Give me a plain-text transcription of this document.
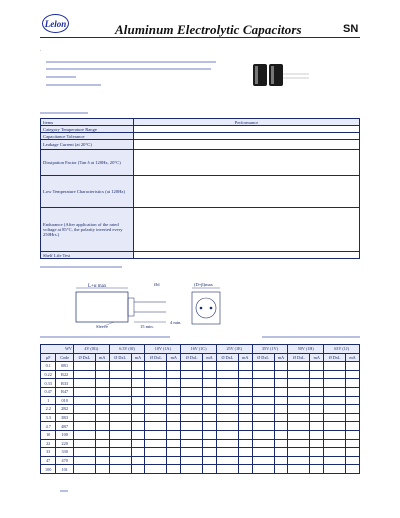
Lelon	Aluminum Electrolytic Capacitors	SN
.
Items	Performance
Category Temperature Range	
Capacitance Tolerance	
Leakage Current (at 20°C)	
Dissipation Factor (Tan δ at 120Hz, 20°C)	
Low Temperature Characteristics (at 120Hz)	
Endurance (After application of the rated voltage at 85°C, the polarity inverted every 250Hrs.)	
Shelf Life Test	
L+α max
15 min.
4 min.
Sleeve
Ød	(D+β)max
WV		4V (0G)		6.3V (0J)		10V (1A)		16V (1C)		25V (1E)		35V (1V)		50V (1H)		63V (1J)	
µF	Code	Ø DxL	mA	Ø DxL	mA	Ø DxL	mA	Ø DxL	mA	Ø DxL	mA	Ø DxL	mA	Ø DxL	mA	Ø DxL	mA
0.1	0R1																
0.22	R22																
0.33	R33																
0.47	R47																
1	010																
2.2	2R2																
3.3	3R3																
4.7	4R7																
10	100																
22	220																
33	330																
47	470																
100	101																
